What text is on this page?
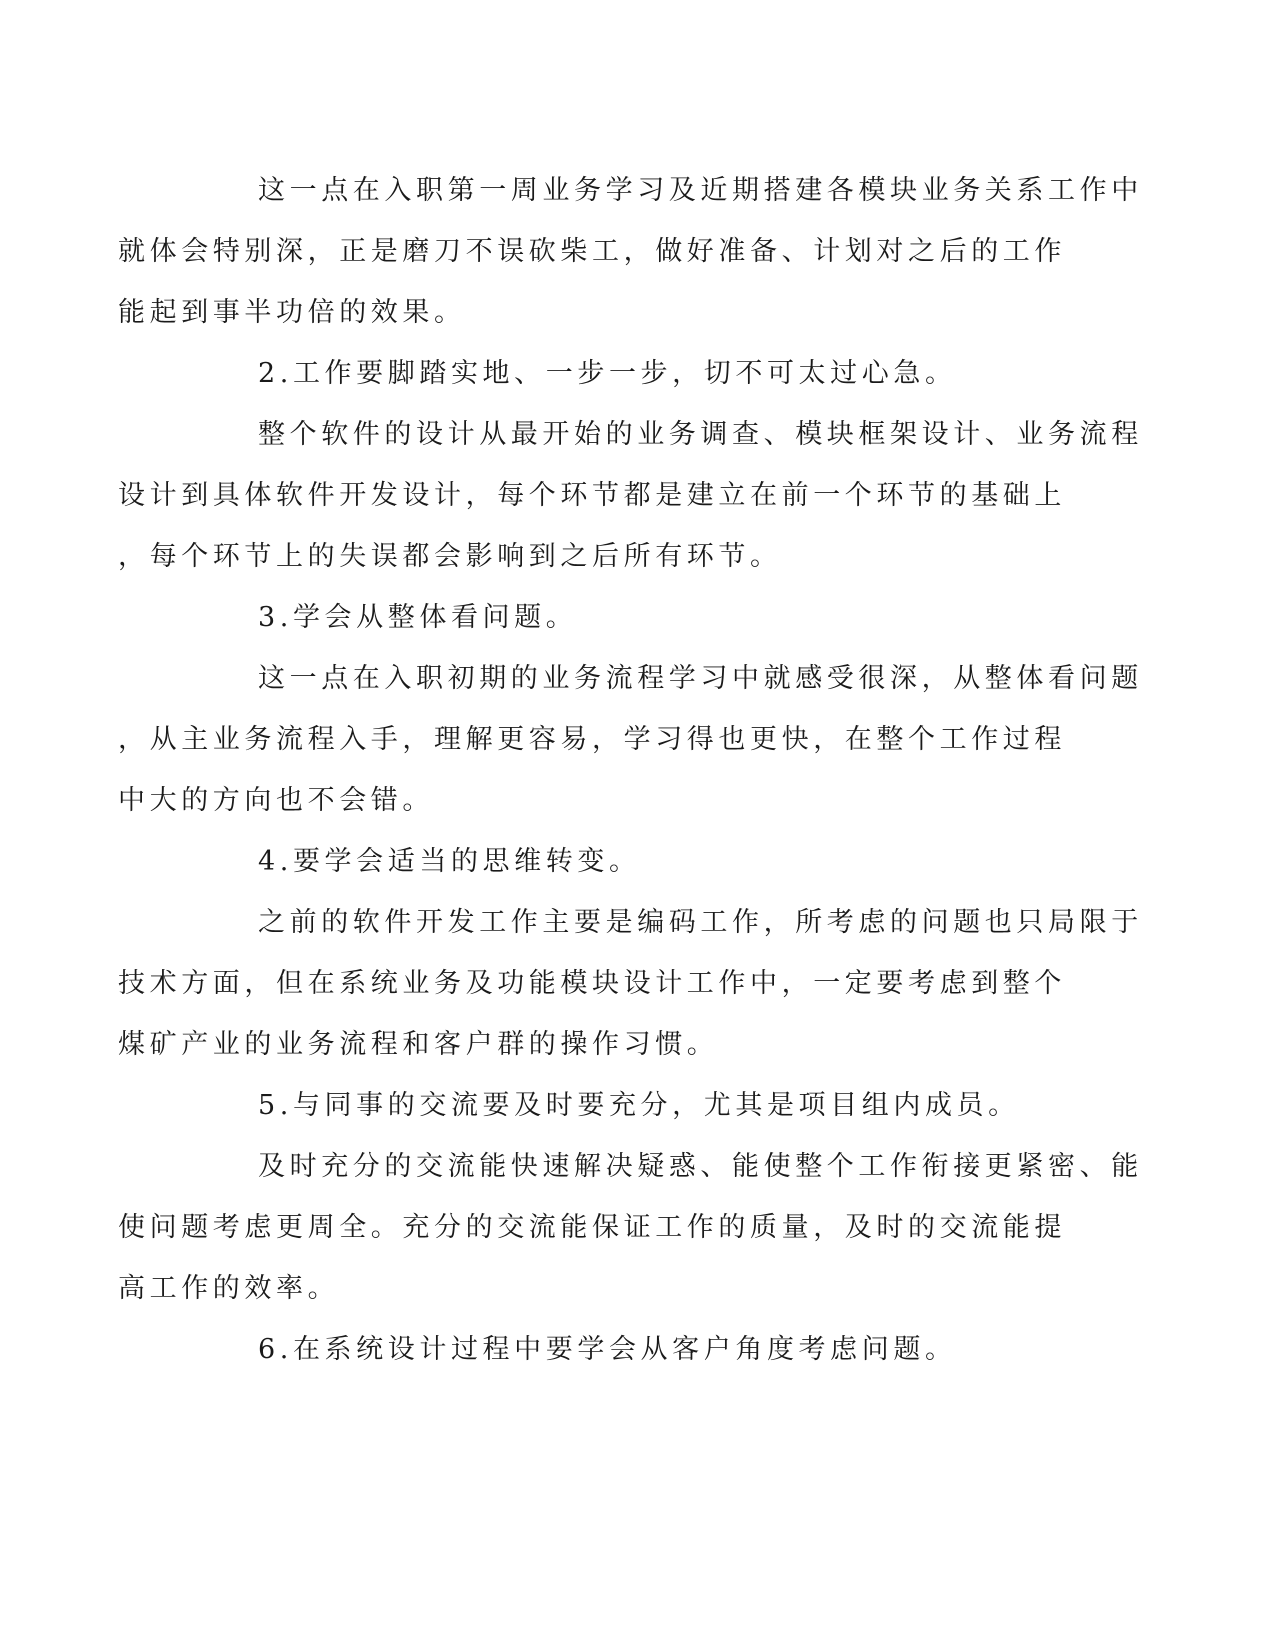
这一点在入职第一周业务学习及近期搭建各模块业务关系工作中
就体会特别深，正是磨刀不误砍柴工，做好准备、计划对之后的工作
能起到事半功倍的效果。

2.工作要脚踏实地、一步一步，切不可太过心急。

整个软件的设计从最开始的业务调查、模块框架设计、业务流程
设计到具体软件开发设计，每个环节都是建立在前一个环节的基础上
，每个环节上的失误都会影响到之后所有环节。

3.学会从整体看问题。

这一点在入职初期的业务流程学习中就感受很深，从整体看问题
，从主业务流程入手，理解更容易，学习得也更快，在整个工作过程
中大的方向也不会错。

4.要学会适当的思维转变。

之前的软件开发工作主要是编码工作，所考虑的问题也只局限于
技术方面，但在系统业务及功能模块设计工作中，一定要考虑到整个
煤矿产业的业务流程和客户群的操作习惯。

5.与同事的交流要及时要充分，尤其是项目组内成员。

及时充分的交流能快速解决疑惑、能使整个工作衔接更紧密、能
使问题考虑更周全。充分的交流能保证工作的质量，及时的交流能提
高工作的效率。

6.在系统设计过程中要学会从客户角度考虑问题。
